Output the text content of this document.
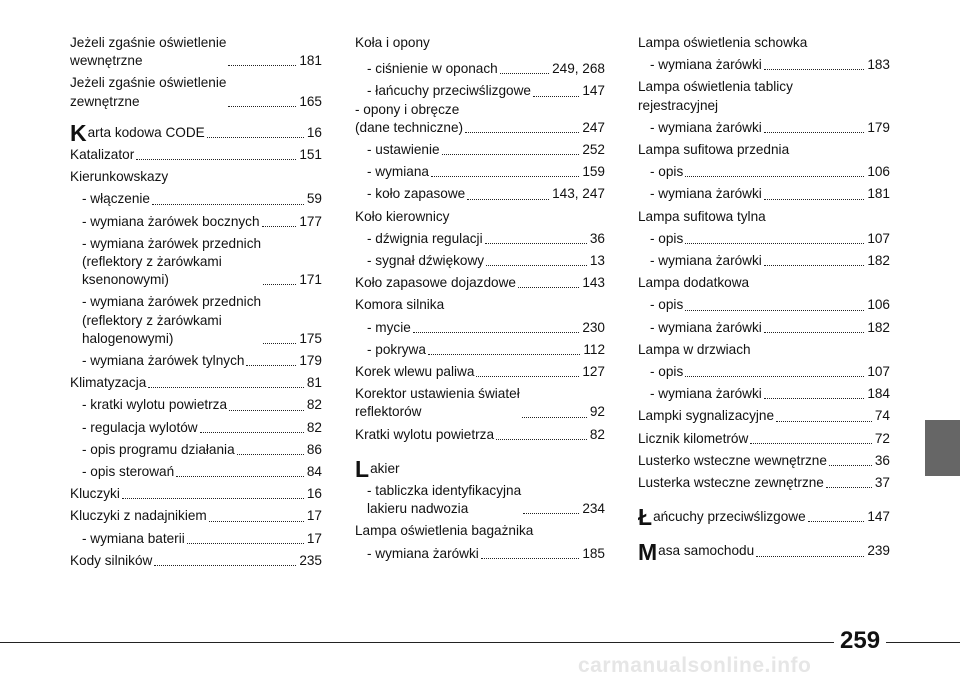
Jeżeli zgaśnie oświetlenie
wewnętrzne	181
Jeżeli zgaśnie oświetlenie
zewnętrzne	165
K arta kodowa CODE	16
Katalizator	151
Kierunkowskazy
- włączenie	59
- wymiana żarówek bocznych	177
- wymiana żarówek przednich
(reflektory z żarówkami
ksenonowymi)	171
- wymiana żarówek przednich
(reflektory z żarówkami
halogenowymi)	175
- wymiana żarówek tylnych	179
Klimatyzacja	81
- kratki wylotu powietrza	82
- regulacja wylotów	82
- opis programu działania	86
- opis sterowań	84
Kluczyki	16
Kluczyki z nadajnikiem	17
- wymiana baterii	17
Kody silników	235
Koła i opony
- ciśnienie w oponach	249, 268
- łańcuchy przeciwślizgowe	147
- opony i obręcze
(dane techniczne)	247
- ustawienie	252
- wymiana	159
- koło zapasowe	143, 247
Koło kierownicy
- dźwignia regulacji	36
- sygnał dźwiękowy	13
Koło zapasowe dojazdowe	143
Komora silnika
- mycie	230
- pokrywa	112
Korek wlewu paliwa	127
Korektor ustawienia świateł
reflektorów	92
Kratki wylotu powietrza	82
L akier
- tabliczka identyfikacyjna
lakieru nadwozia	234
Lampa oświetlenia bagażnika
- wymiana żarówki	185
Lampa oświetlenia schowka
- wymiana żarówki	183
Lampa oświetlenia tablicy
rejestracyjnej
- wymiana żarówki	179
Lampa sufitowa przednia
- opis	106
- wymiana żarówki	181
Lampa sufitowa tylna
- opis	107
- wymiana żarówki	182
Lampa dodatkowa
- opis	106
- wymiana żarówki	182
Lampa w drzwiach
- opis	107
- wymiana żarówki	184
Lampki sygnalizacyjne	74
Licznik kilometrów	72
Lusterko wsteczne wewnętrzne	36
Lusterka wsteczne zewnętrzne	37
Ł ańcuchy przeciwślizgowe	147
M asa samochodu	239
259
carmanualsonline.info
